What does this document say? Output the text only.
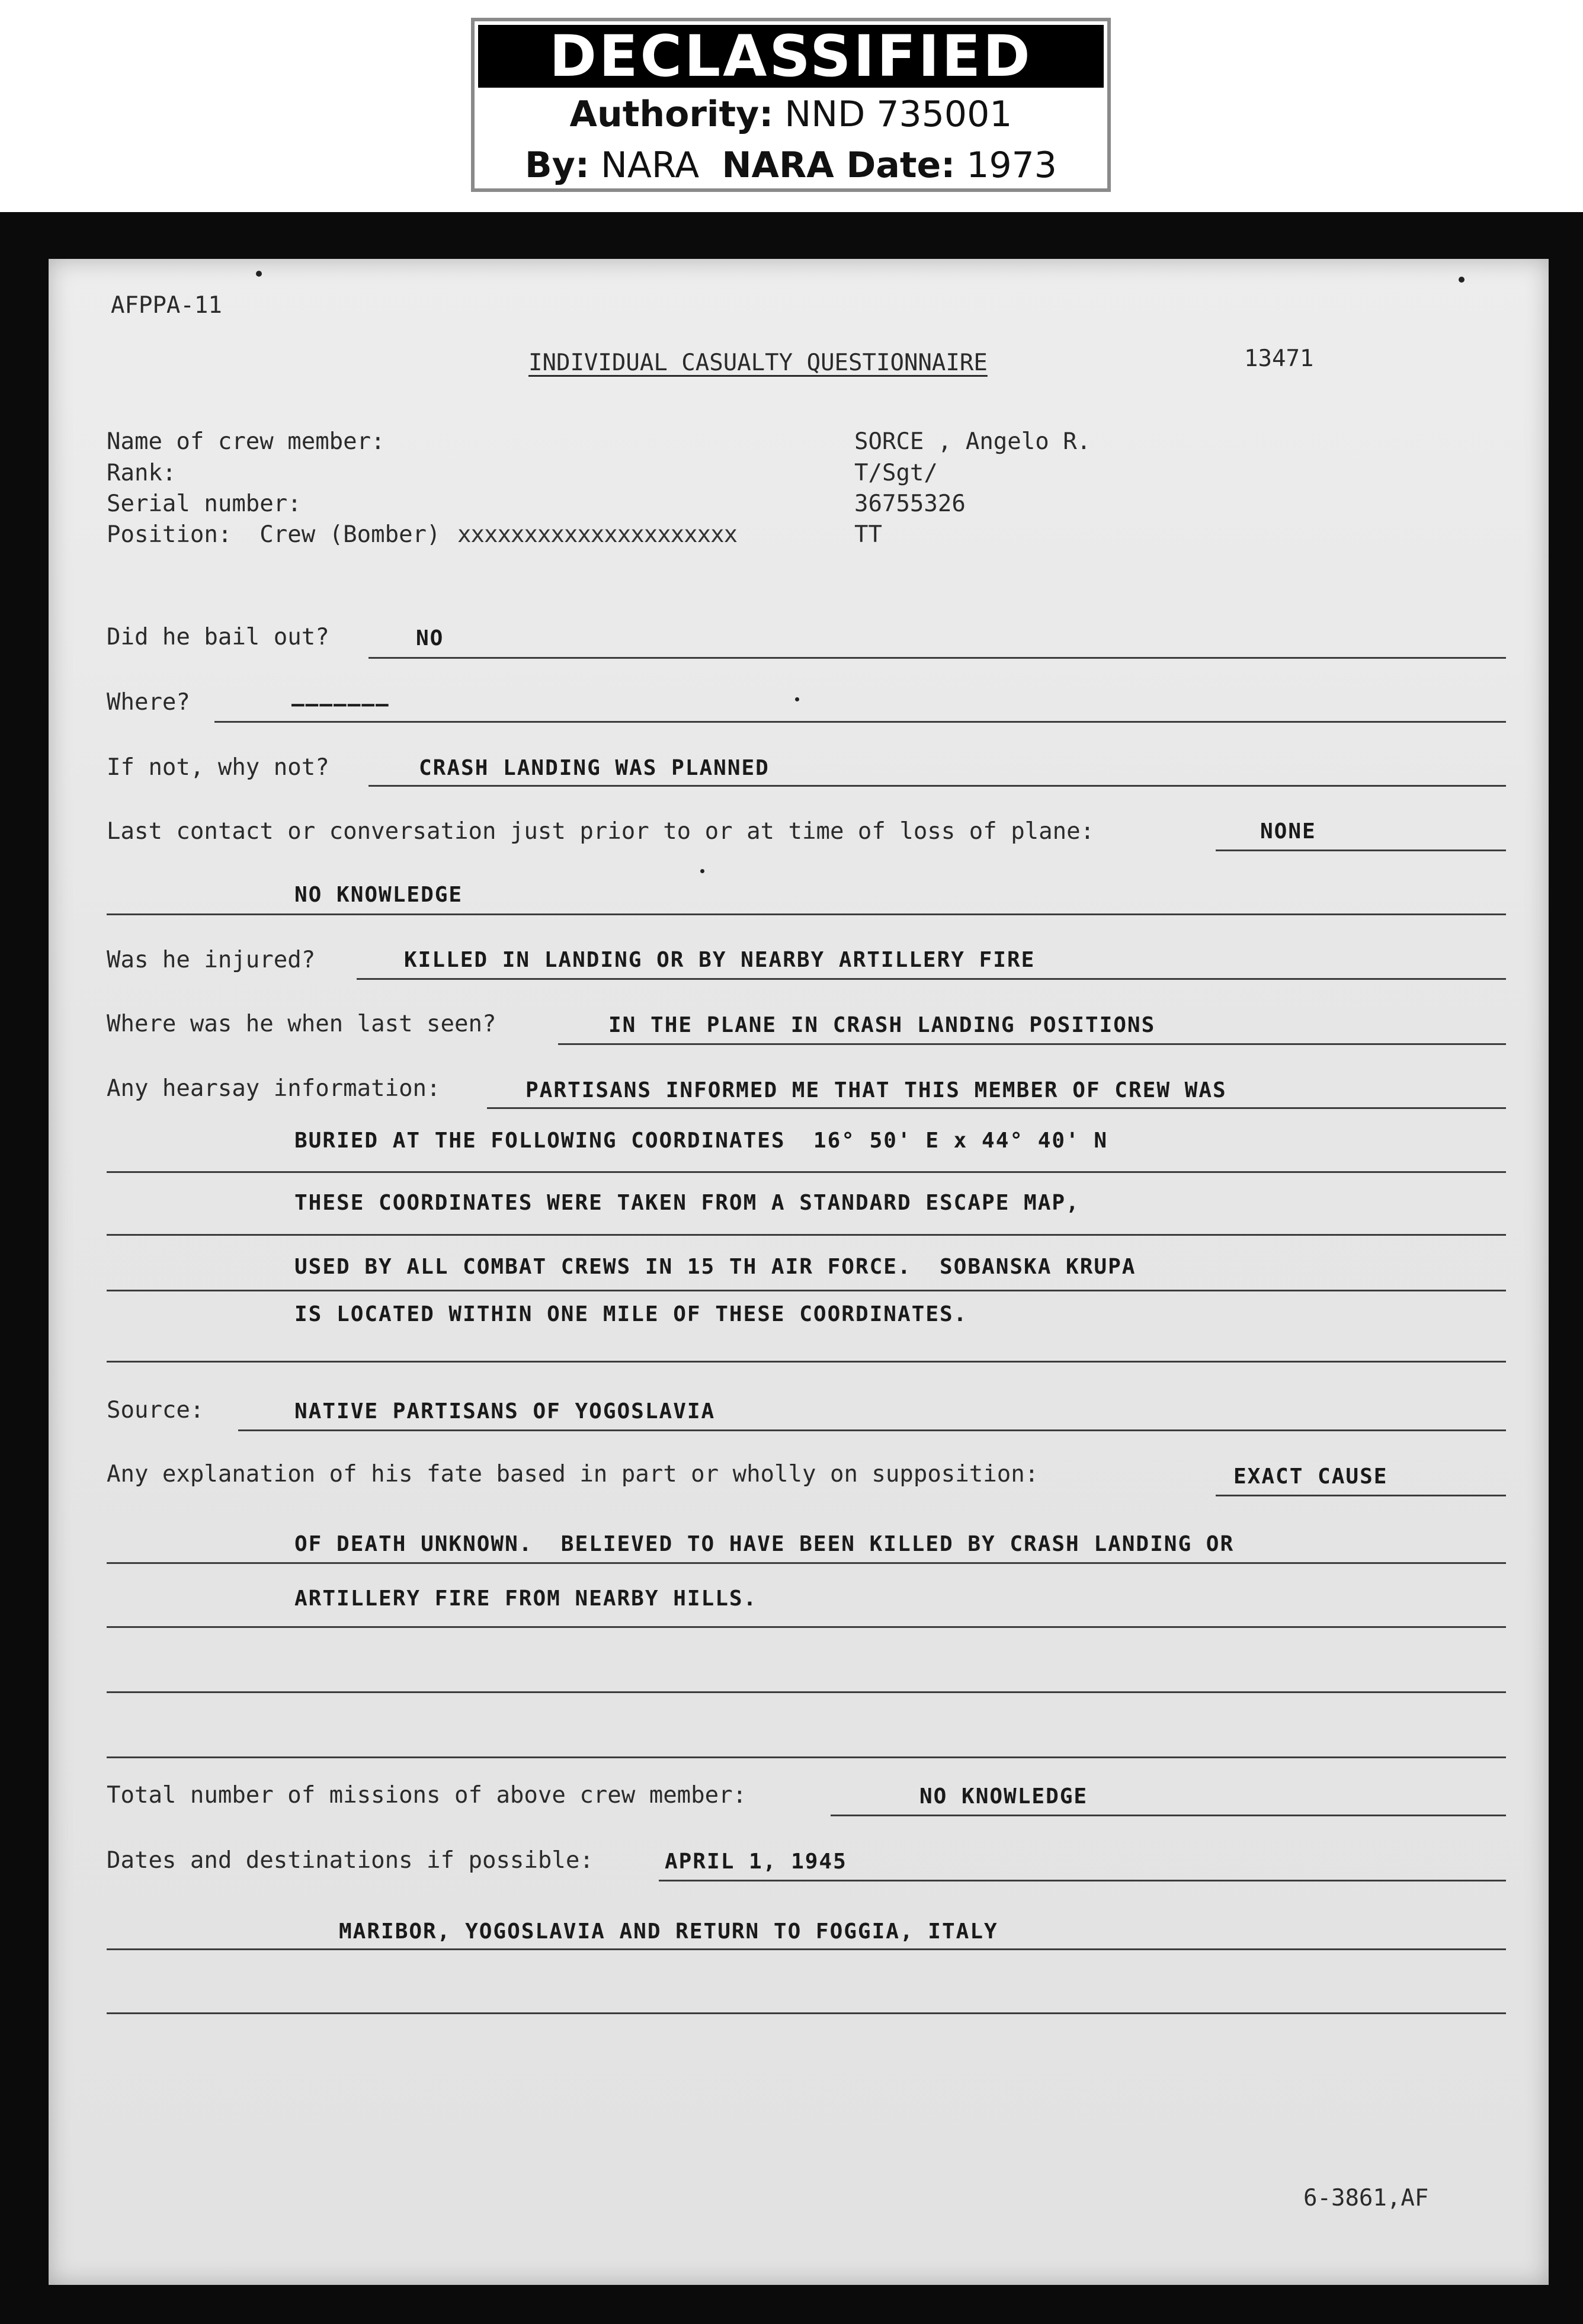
DECLASSIFIED
Authority: NND 735001
By: NARA NARA Date: 1973
AFPPA-11
INDIVIDUAL CASUALTY QUESTIONNAIRE	13471
Name of crew member:	SORCE , Angelo R.
Rank:	T/Sgt/
Serial number:	36755326
Position:  Crew (Bomber) xxxxxxxxxxxxxxxxxxxxx	TT
Did he bail out?	NO
Where?	———————
If not, why not?	CRASH LANDING WAS PLANNED
Last contact or conversation just prior to or at time of loss of plane:	NONE
NO KNOWLEDGE
Was he injured?	KILLED IN LANDING OR BY NEARBY ARTILLERY FIRE
Where was he when last seen?	IN THE PLANE IN CRASH LANDING POSITIONS
Any hearsay information:	PARTISANS INFORMED ME THAT THIS MEMBER OF CREW WAS
BURIED AT THE FOLLOWING COORDINATES  16° 50' E x 44° 40' N
THESE COORDINATES WERE TAKEN FROM A STANDARD ESCAPE MAP,
USED BY ALL COMBAT CREWS IN 15 TH AIR FORCE.  SOBANSKA KRUPA
IS LOCATED WITHIN ONE MILE OF THESE COORDINATES.
Source:	NATIVE PARTISANS OF YOGOSLAVIA
Any explanation of his fate based in part or wholly on supposition:	EXACT CAUSE
OF DEATH UNKNOWN.  BELIEVED TO HAVE BEEN KILLED BY CRASH LANDING OR
ARTILLERY FIRE FROM NEARBY HILLS.
Total number of missions of above crew member:	NO KNOWLEDGE
Dates and destinations if possible:	APRIL 1, 1945
MARIBOR, YOGOSLAVIA AND RETURN TO FOGGIA, ITALY
6-3861,AF
